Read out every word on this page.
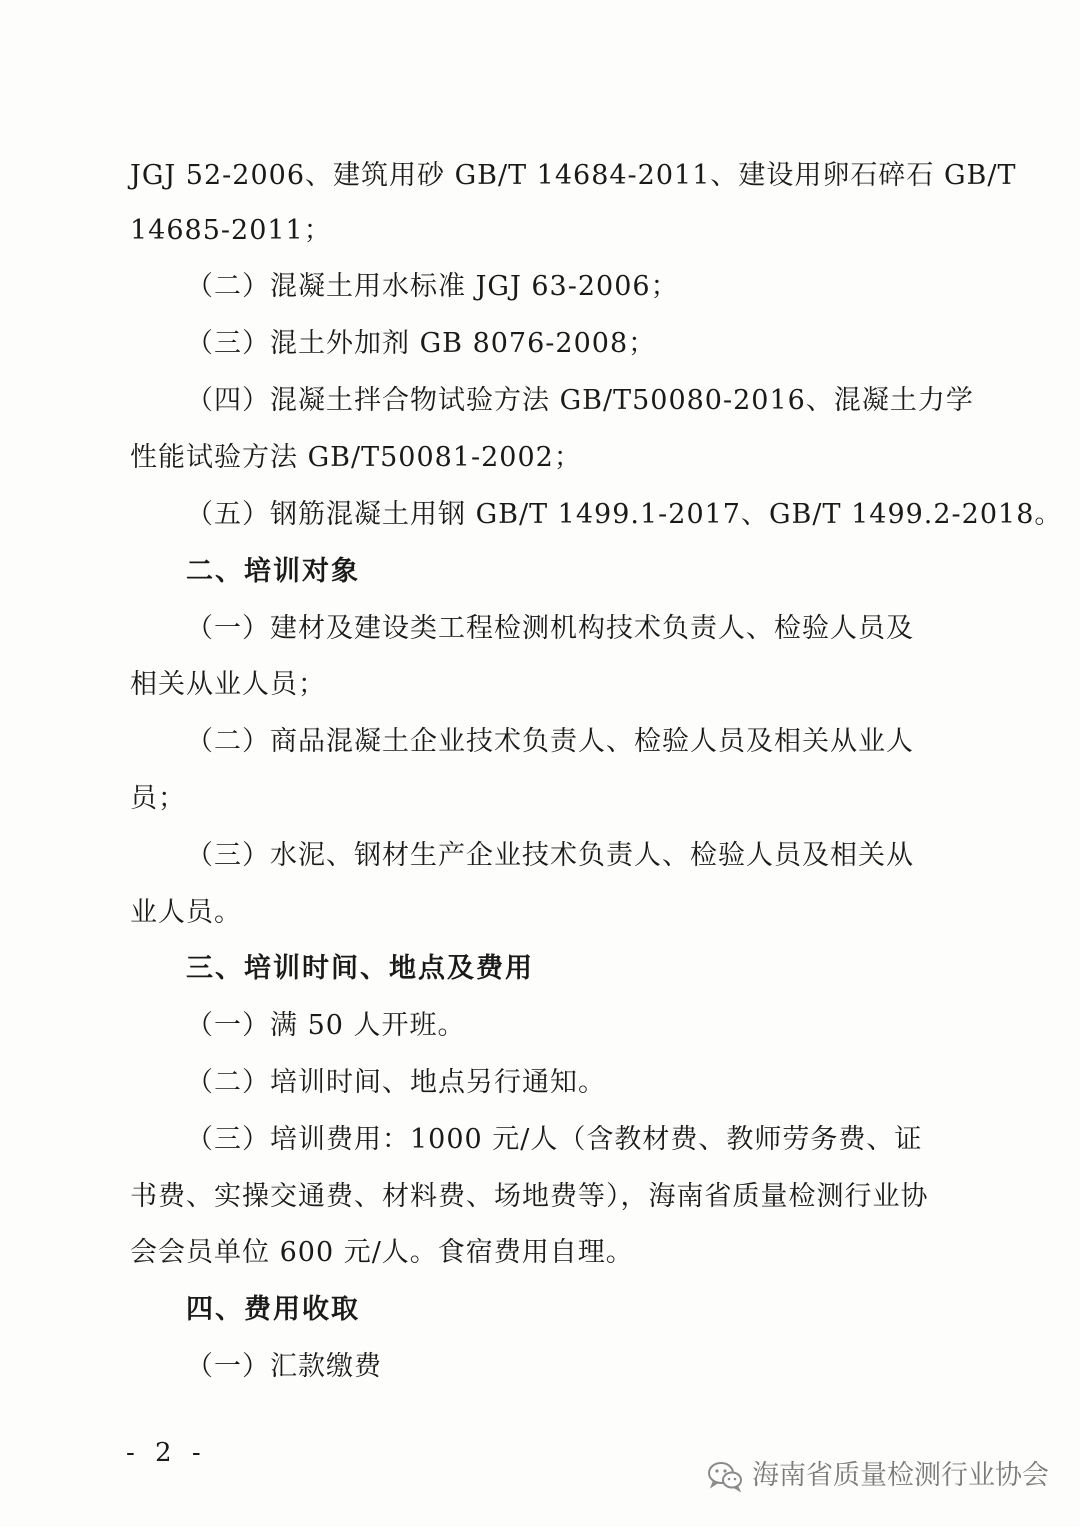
JGJ 52-2006、建筑用砂 GB/T 14684-2011、建设用卵石碎石 GB/T
14685-2011；
（二）混凝土用水标准 JGJ 63-2006；
（三）混土外加剂 GB 8076-2008；
（四）混凝土拌合物试验方法 GB/T50080-2016、混凝土力学
性能试验方法 GB/T50081-2002；
（五）钢筋混凝土用钢 GB/T 1499.1-2017、GB/T 1499.2-2018。
二、培训对象
（一）建材及建设类工程检测机构技术负责人、检验人员及
相关从业人员；
（二）商品混凝土企业技术负责人、检验人员及相关从业人
员；
（三）水泥、钢材生产企业技术负责人、检验人员及相关从
业人员。
三、培训时间、地点及费用
（一）满 50 人开班。
（二）培训时间、地点另行通知。
（三）培训费用：1000 元/人（含教材费、教师劳务费、证
书费、实操交通费、材料费、场地费等），海南省质量检测行业协
会会员单位 600 元/人。食宿费用自理。
四、费用收取
（一）汇款缴费
- 2 -
海南省质量检测行业协会
